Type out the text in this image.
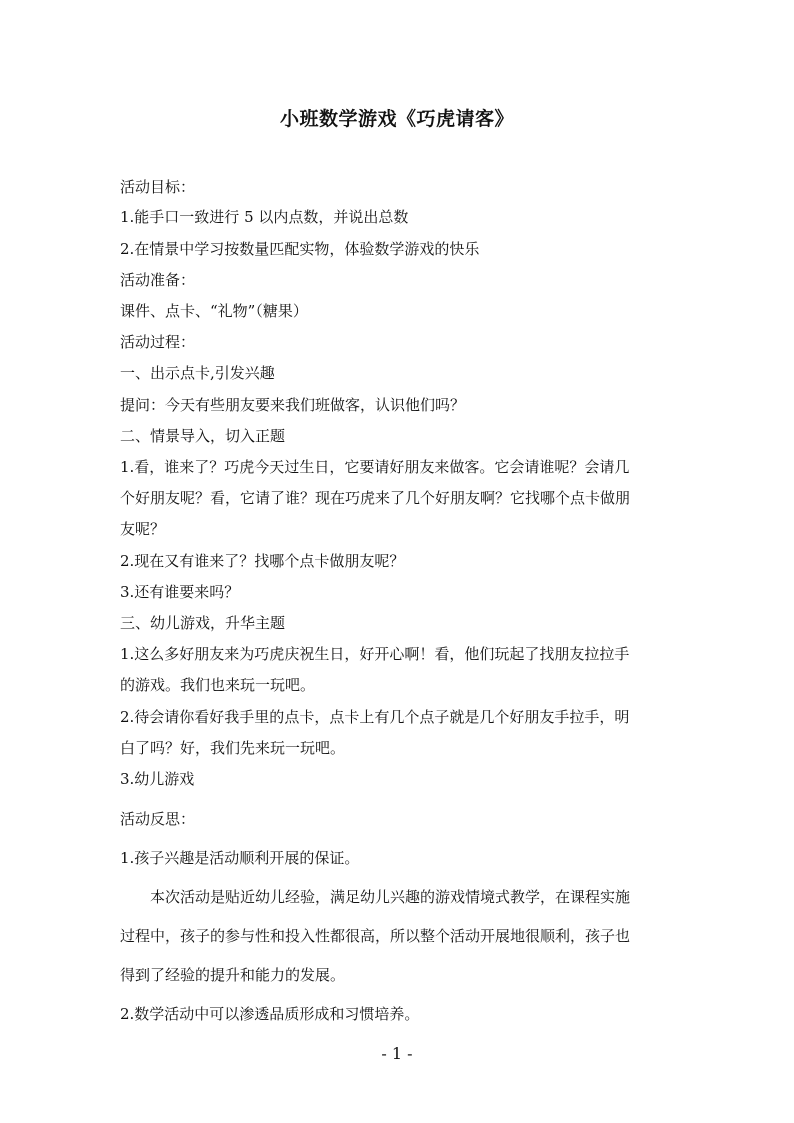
小班数学游戏《巧虎请客》
活动目标：
1.能手口一致进行 5 以内点数，并说出总数
2.在情景中学习按数量匹配实物，体验数学游戏的快乐
活动准备：
课件、点卡、“礼物”（糖果）
活动过程：
一、出示点卡,引发兴趣
提问：今天有些朋友要来我们班做客，认识他们吗？
二、情景导入，切入正题
1.看，谁来了？巧虎今天过生日，它要请好朋友来做客。它会请谁呢？会请几
个好朋友呢？看，它请了谁？现在巧虎来了几个好朋友啊？它找哪个点卡做朋
友呢？
2.现在又有谁来了？找哪个点卡做朋友呢？
3.还有谁要来吗？
三、幼儿游戏，升华主题
1.这么多好朋友来为巧虎庆祝生日，好开心啊！看，他们玩起了找朋友拉拉手
的游戏。我们也来玩一玩吧。
2.待会请你看好我手里的点卡，点卡上有几个点子就是几个好朋友手拉手，明
白了吗？好，我们先来玩一玩吧。
3.幼儿游戏
活动反思：
1.孩子兴趣是活动顺利开展的保证。
本次活动是贴近幼儿经验，满足幼儿兴趣的游戏情境式教学，在课程实施
过程中，孩子的参与性和投入性都很高，所以整个活动开展地很顺利，孩子也
得到了经验的提升和能力的发展。
2.数学活动中可以渗透品质形成和习惯培养。
- 1 -
